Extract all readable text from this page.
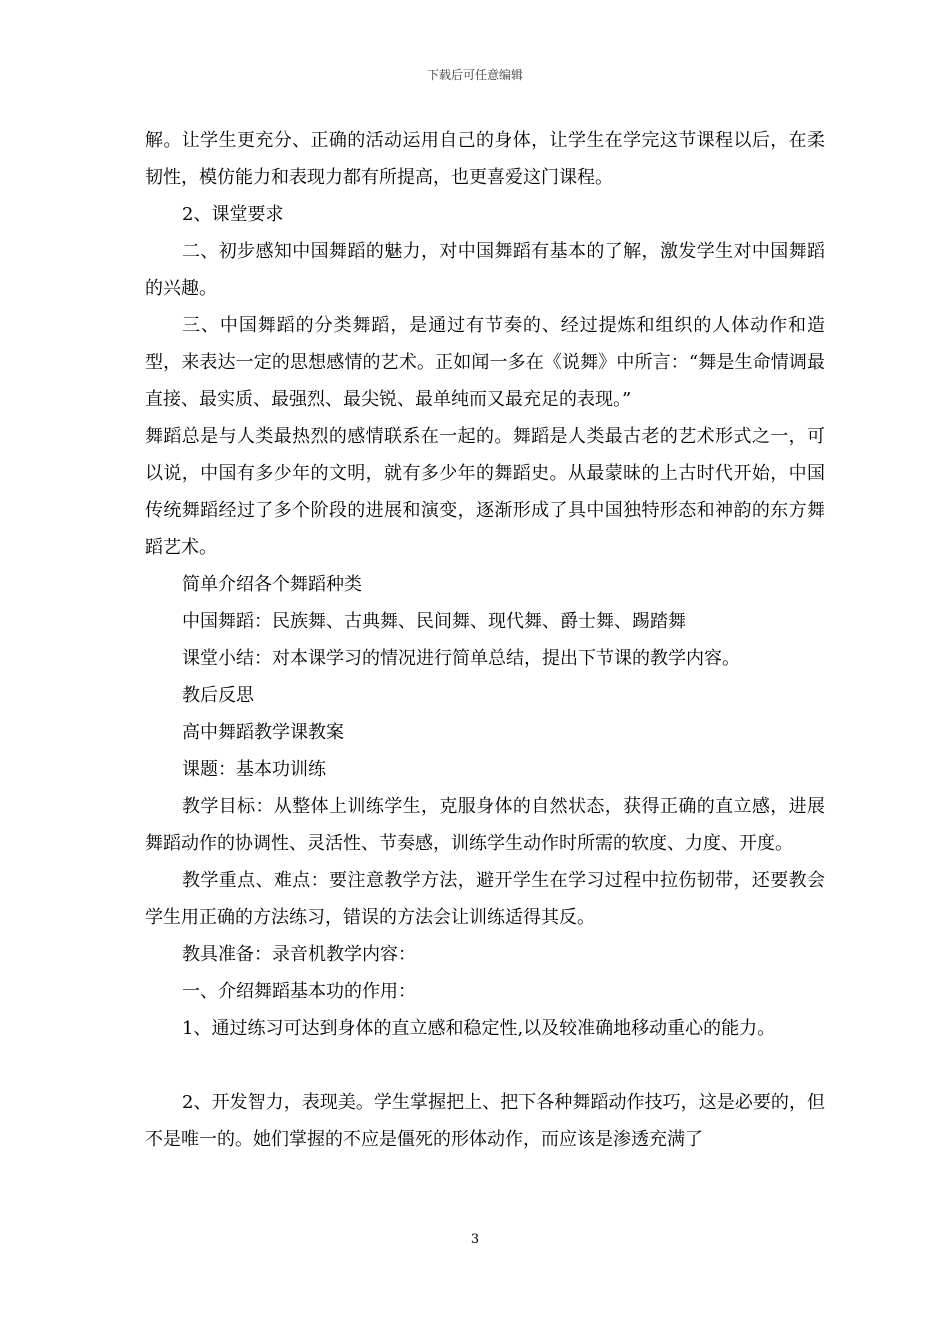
下载后可任意编辑

解。让学生更充分、正确的活动运用自己的身体，让学生在学完这节课程以后，在柔韧性，模仿能力和表现力都有所提高，也更喜爱这门课程。

2、课堂要求

二、初步感知中国舞蹈的魅力，对中国舞蹈有基本的了解，激发学生对中国舞蹈的兴趣。

三、中国舞蹈的分类舞蹈，是通过有节奏的、经过提炼和组织的人体动作和造型，来表达一定的思想感情的艺术。正如闻一多在《说舞》中所言：“舞是生命情调最直接、最实质、最强烈、最尖锐、最单纯而又最充足的表现。”

舞蹈总是与人类最热烈的感情联系在一起的。舞蹈是人类最古老的艺术形式之一，可以说，中国有多少年的文明，就有多少年的舞蹈史。从最蒙昧的上古时代开始，中国传统舞蹈经过了多个阶段的进展和演变，逐渐形成了具中国独特形态和神韵的东方舞蹈艺术。

简单介绍各个舞蹈种类

中国舞蹈：民族舞、古典舞、民间舞、现代舞、爵士舞、踢踏舞

课堂小结：对本课学习的情况进行简单总结，提出下节课的教学内容。

教后反思

高中舞蹈教学课教案

课题：基本功训练

教学目标：从整体上训练学生，克服身体的自然状态，获得正确的直立感，进展舞蹈动作的协调性、灵活性、节奏感，训练学生动作时所需的软度、力度、开度。

教学重点、难点：要注意教学方法，避开学生在学习过程中拉伤韧带，还要教会学生用正确的方法练习，错误的方法会让训练适得其反。

教具准备：录音机教学内容：

一、介绍舞蹈基本功的作用：

1、通过练习可达到身体的直立感和稳定性,以及较准确地移动重心的能力。

2、开发智力，表现美。学生掌握把上、把下各种舞蹈动作技巧，这是必要的，但不是唯一的。她们掌握的不应是僵死的形体动作，而应该是渗透充满了

3
